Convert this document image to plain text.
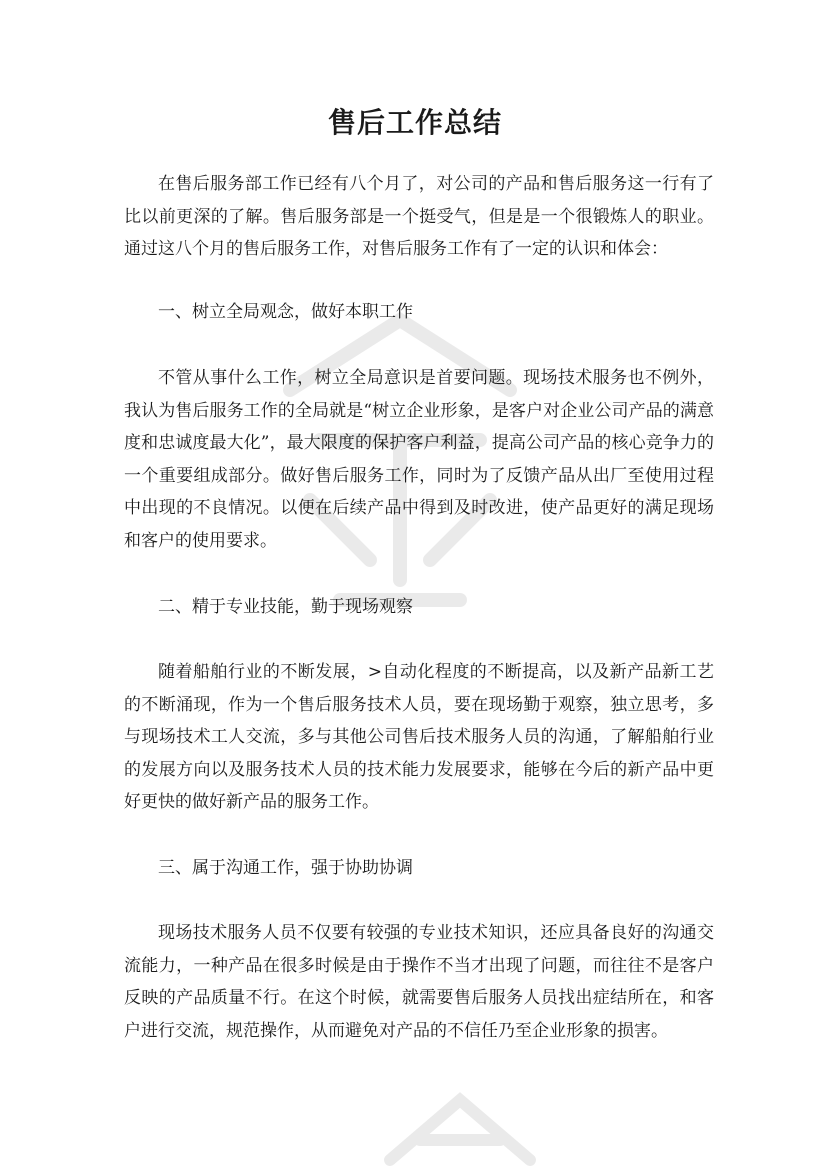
售后工作总结

在售后服务部工作已经有八个月了，对公司的产品和售后服务这一行有了比以前更深的了解。售后服务部是一个挺受气，但是是一个很锻炼人的职业。通过这八个月的售后服务工作，对售后服务工作有了一定的认识和体会：

一、树立全局观念，做好本职工作

不管从事什么工作，树立全局意识是首要问题。现场技术服务也不例外，我认为售后服务工作的全局就是“树立企业形象，是客户对企业公司产品的满意度和忠诚度最大化”，最大限度的保护客户利益，提高公司产品的核心竞争力的一个重要组成部分。做好售后服务工作，同时为了反馈产品从出厂至使用过程中出现的不良情况。以便在后续产品中得到及时改进，使产品更好的满足现场和客户的使用要求。

二、精于专业技能，勤于现场观察

随着船舶行业的不断发展，>自动化程度的不断提高，以及新产品新工艺的不断涌现，作为一个售后服务技术人员，要在现场勤于观察，独立思考，多与现场技术工人交流，多与其他公司售后技术服务人员的沟通，了解船舶行业的发展方向以及服务技术人员的技术能力发展要求，能够在今后的新产品中更好更快的做好新产品的服务工作。

三、属于沟通工作，强于协助协调

现场技术服务人员不仅要有较强的专业技术知识，还应具备良好的沟通交流能力，一种产品在很多时候是由于操作不当才出现了问题，而往往不是客户反映的产品质量不行。在这个时候，就需要售后服务人员找出症结所在，和客户进行交流，规范操作，从而避免对产品的不信任乃至企业形象的损害。
